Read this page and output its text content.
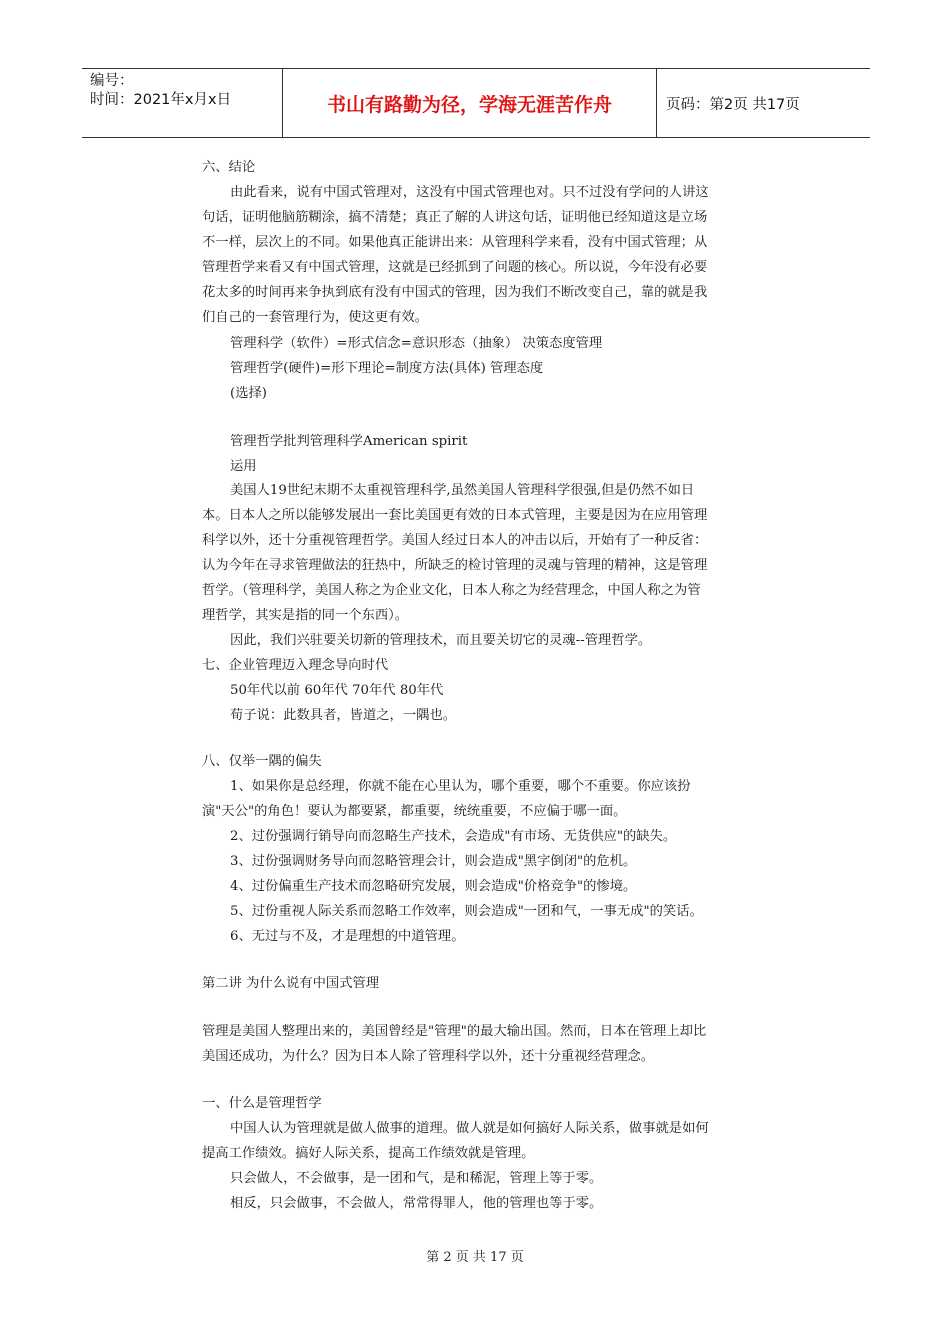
编号：
时间：2021年x月x日	书山有路勤为径，学海无涯苦作舟	页码：第2页 共17页
六、结论
由此看来，说有中国式管理对，这没有中国式管理也对。只不过没有学问的人讲这
句话，证明他脑筋糊涂，搞不清楚；真正了解的人讲这句话，证明他已经知道这是立场
不一样，层次上的不同。如果他真正能讲出来：从管理科学来看，没有中国式管理；从
管理哲学来看又有中国式管理，这就是已经抓到了问题的核心。所以说，今年没有必要
花太多的时间再来争执到底有没有中国式的管理，因为我们不断改变自己，靠的就是我
们自己的一套管理行为，使这更有效。
管理科学（软件）=形式信念=意识形态（抽象） 决策态度管理
管理哲学(硬件)=形下理论=制度方法(具体) 管理态度
(选择)
管理哲学批判管理科学American spirit
运用
美国人19世纪末期不太重视管理科学,虽然美国人管理科学很强,但是仍然不如日
本。日本人之所以能够发展出一套比美国更有效的日本式管理，主要是因为在应用管理
科学以外，还十分重视管理哲学。美国人经过日本人的冲击以后，开始有了一种反省：
认为今年在寻求管理做法的狂热中，所缺乏的检讨管理的灵魂与管理的精神，这是管理
哲学。（管理科学，美国人称之为企业文化，日本人称之为经营理念，中国人称之为管
理哲学，其实是指的同一个东西）。
因此，我们兴驻要关切新的管理技术，而且要关切它的灵魂--管理哲学。
七、企业管理迈入理念导向时代
50年代以前 60年代 70年代 80年代
荀子说：此数具者，皆道之，一隅也。
八、仅举一隅的偏失
1、如果你是总经理，你就不能在心里认为，哪个重要，哪个不重要。你应该扮
演"天公"的角色！要认为都要紧，都重要，统统重要，不应偏于哪一面。
2、过份强调行销导向而忽略生产技术，会造成"有市场、无货供应"的缺失。
3、过份强调财务导向而忽略管理会计，则会造成"黑字倒闭"的危机。
4、过份偏重生产技术而忽略研究发展，则会造成"价格竞争"的惨境。
5、过份重视人际关系而忽略工作效率，则会造成"一团和气，一事无成"的笑话。
6、无过与不及，才是理想的中道管理。
第二讲 为什么说有中国式管理
管理是美国人整理出来的，美国曾经是"管理"的最大输出国。然而，日本在管理上却比
美国还成功，为什么？因为日本人除了管理科学以外，还十分重视经营理念。
一、什么是管理哲学
中国人认为管理就是做人做事的道理。做人就是如何搞好人际关系，做事就是如何
提高工作绩效。搞好人际关系，提高工作绩效就是管理。
只会做人，不会做事，是一团和气，是和稀泥，管理上等于零。
相反，只会做事，不会做人，常常得罪人，他的管理也等于零。
第 2 页 共 17 页
